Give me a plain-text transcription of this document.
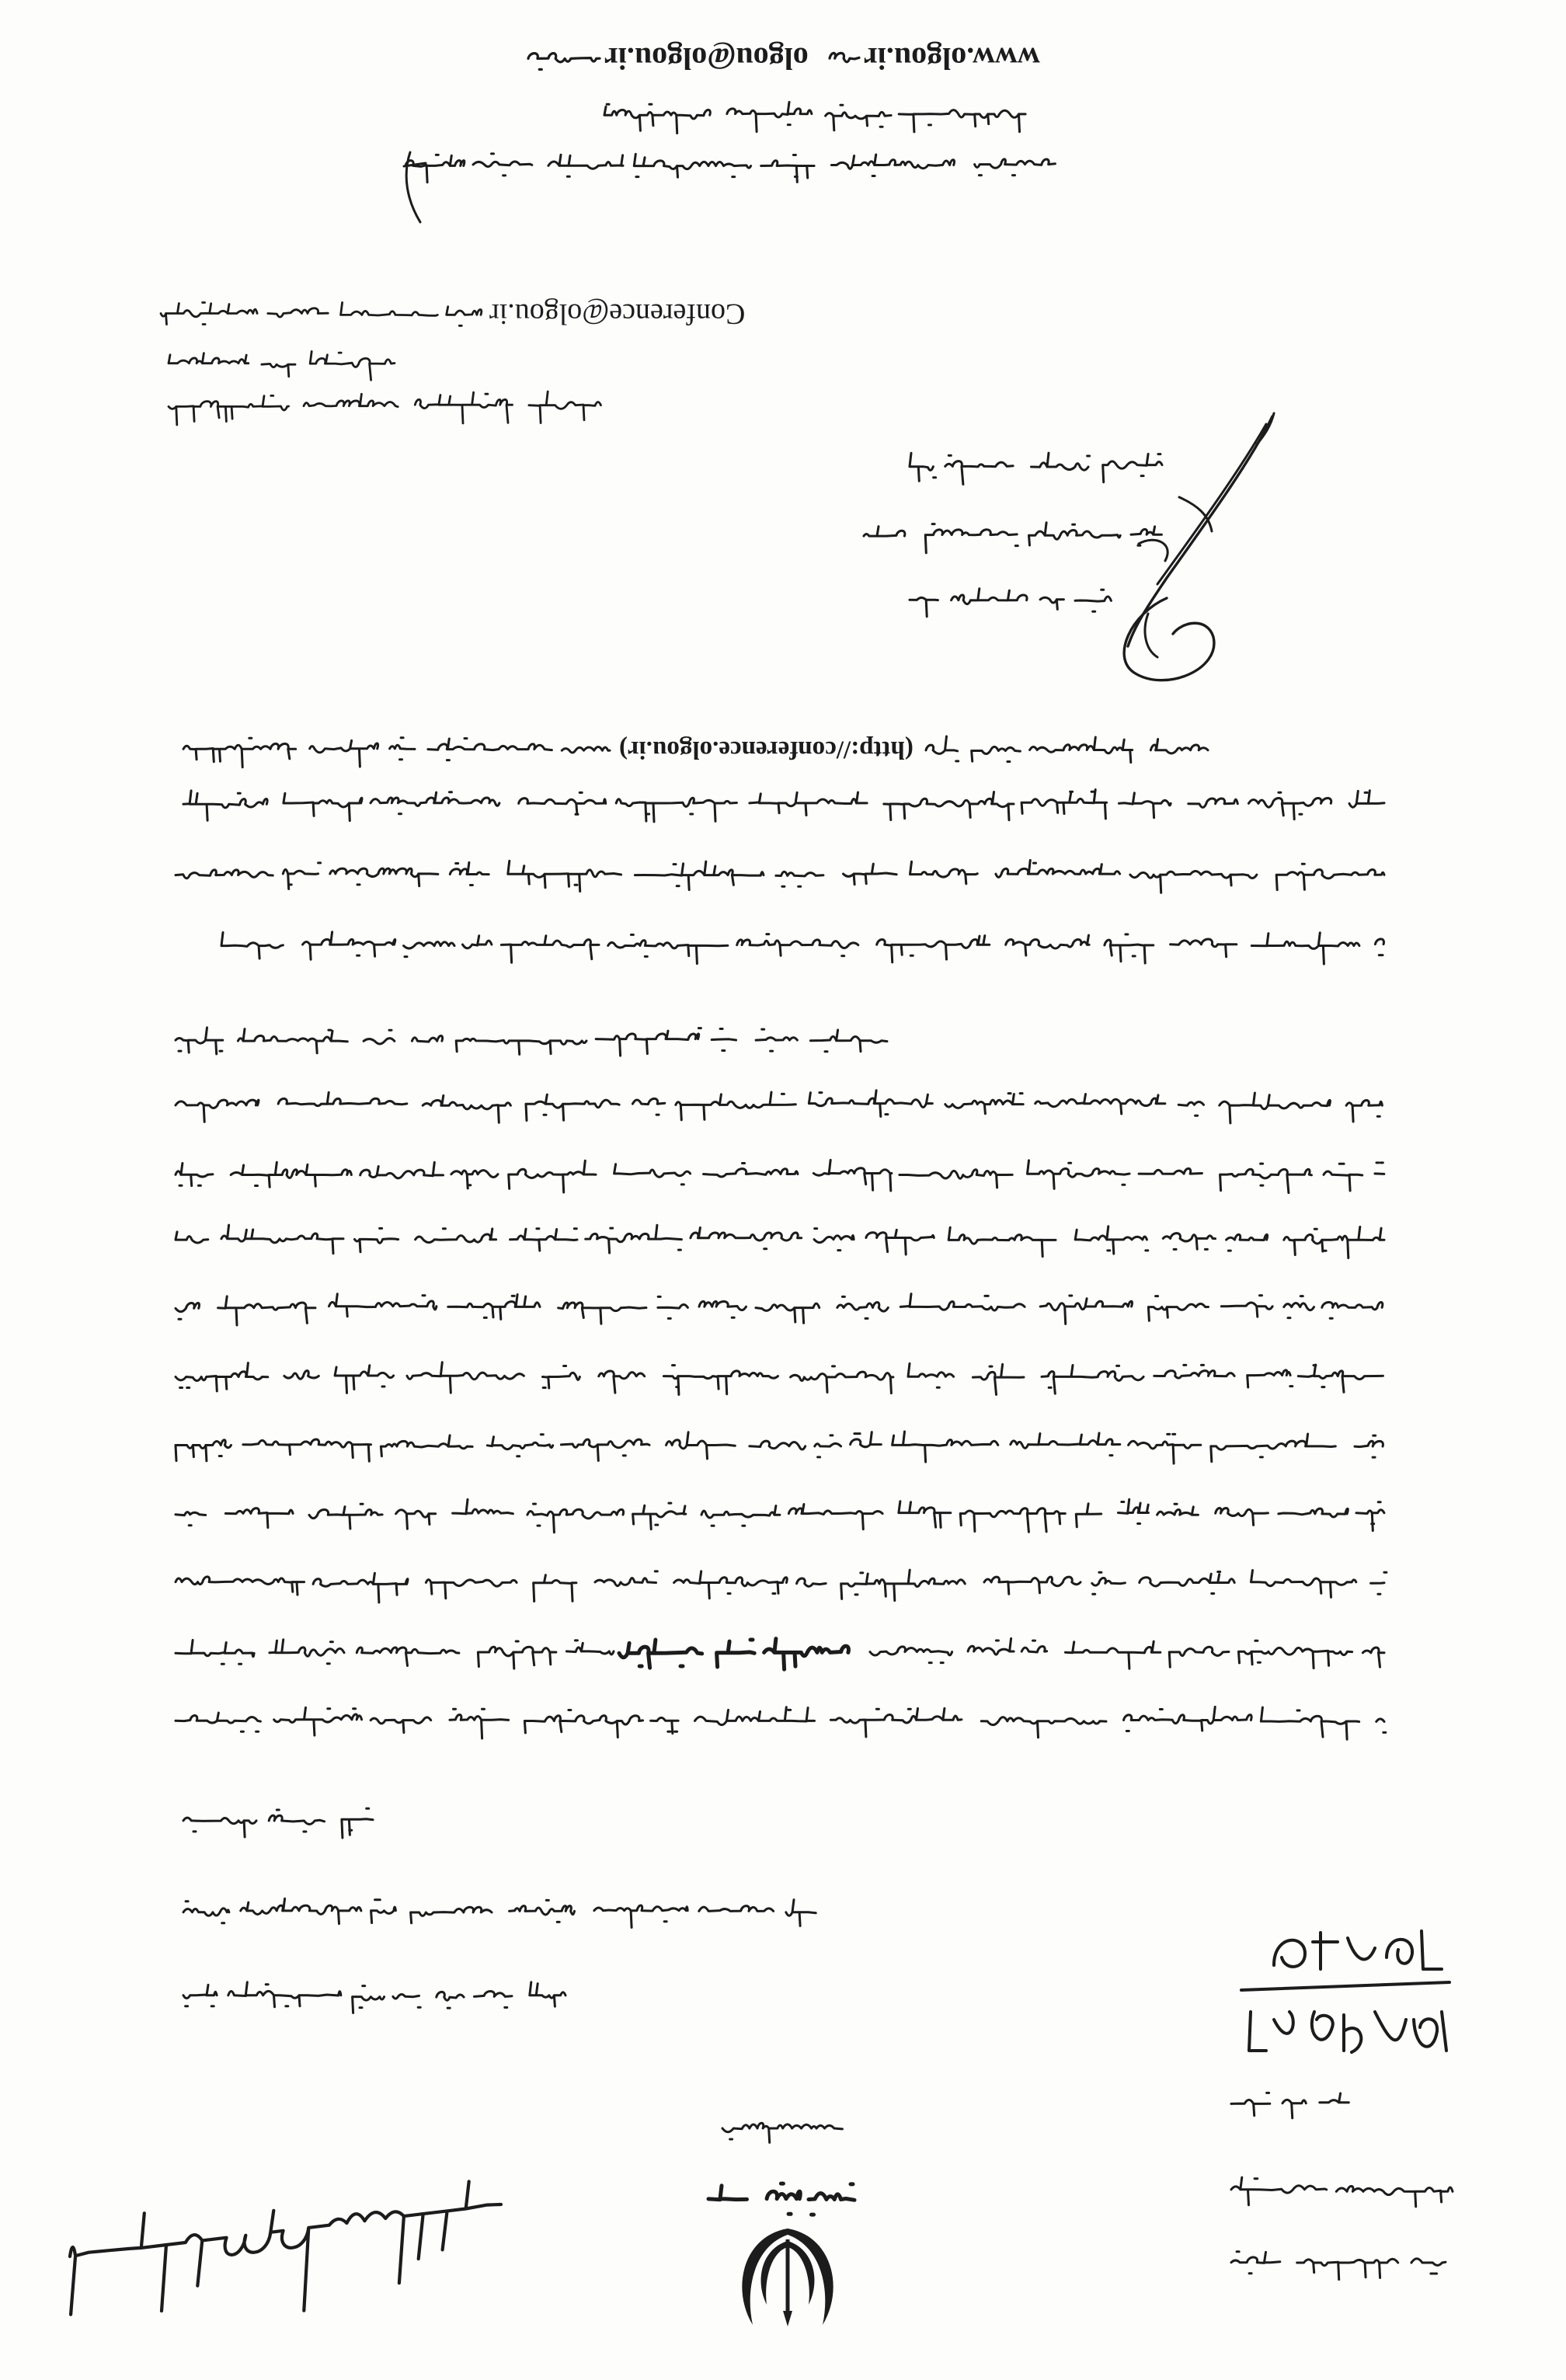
olgou@olgou.ir www.olgou.ir
Conference@olgou.ir
(http://conference.olgou.ir)
